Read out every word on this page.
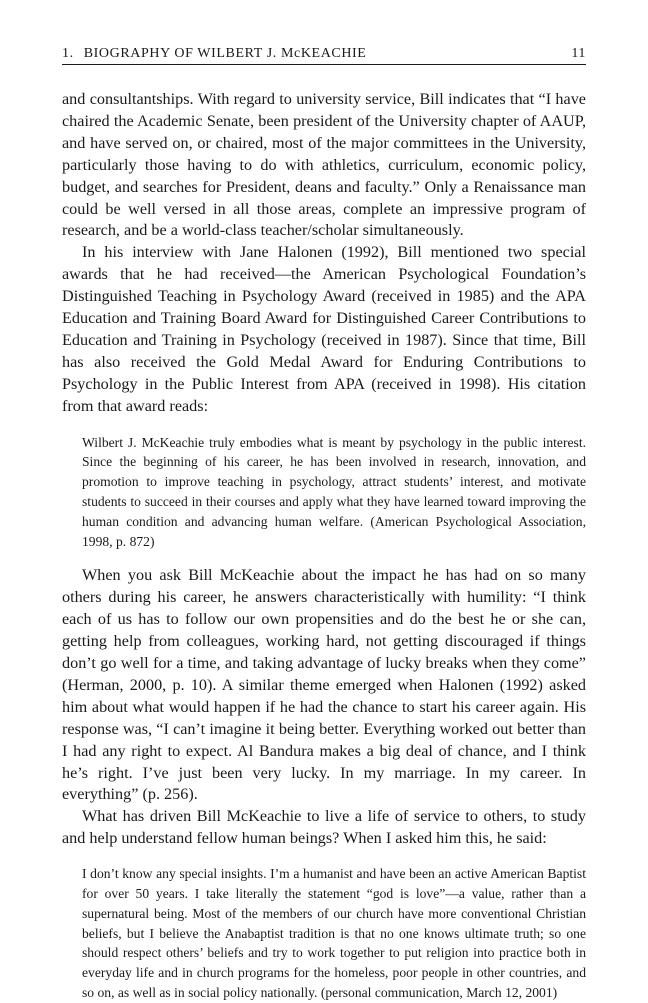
1. BIOGRAPHY OF WILBERT J. McKEACHIE	11

and consultantships. With regard to university service, Bill indicates that “I have chaired the Academic Senate, been president of the University chapter of AAUP, and have served on, or chaired, most of the major committees in the University, particularly those having to do with athletics, curriculum, economic policy, budget, and searches for President, deans and faculty.” Only a Renaissance man could be well versed in all those areas, complete an impressive program of research, and be a world-class teacher/scholar simultaneously.

In his interview with Jane Halonen (1992), Bill mentioned two special awards that he had received—the American Psychological Foundation’s Distinguished Teaching in Psychology Award (received in 1985) and the APA Education and Training Board Award for Distinguished Career Contributions to Education and Training in Psychology (received in 1987). Since that time, Bill has also received the Gold Medal Award for Enduring Contributions to Psychology in the Public Interest from APA (received in 1998). His citation from that award reads:

Wilbert J. McKeachie truly embodies what is meant by psychology in the public interest. Since the beginning of his career, he has been involved in research, innovation, and promotion to improve teaching in psychology, attract students’ interest, and motivate students to succeed in their courses and apply what they have learned toward improving the human condition and advancing human welfare. (American Psychological Association, 1998, p. 872)

When you ask Bill McKeachie about the impact he has had on so many others during his career, he answers characteristically with humility: “I think each of us has to follow our own propensities and do the best he or she can, getting help from colleagues, working hard, not getting discouraged if things don’t go well for a time, and taking advantage of lucky breaks when they come” (Herman, 2000, p. 10). A similar theme emerged when Halonen (1992) asked him about what would happen if he had the chance to start his career again. His response was, “I can’t imagine it being better. Everything worked out better than I had any right to expect. Al Bandura makes a big deal of chance, and I think he’s right. I’ve just been very lucky. In my marriage. In my career. In everything” (p. 256).

What has driven Bill McKeachie to live a life of service to others, to study and help understand fellow human beings? When I asked him this, he said:

I don’t know any special insights. I’m a humanist and have been an active American Baptist for over 50 years. I take literally the statement “god is love”—a value, rather than a supernatural being. Most of the members of our church have more conventional Christian beliefs, but I believe the Anabaptist tradition is that no one knows ultimate truth; so one should respect others’ beliefs and try to work together to put religion into practice both in everyday life and in church programs for the homeless, poor people in other countries, and so on, as well as in social policy nationally. (personal communication, March 12, 2001)
